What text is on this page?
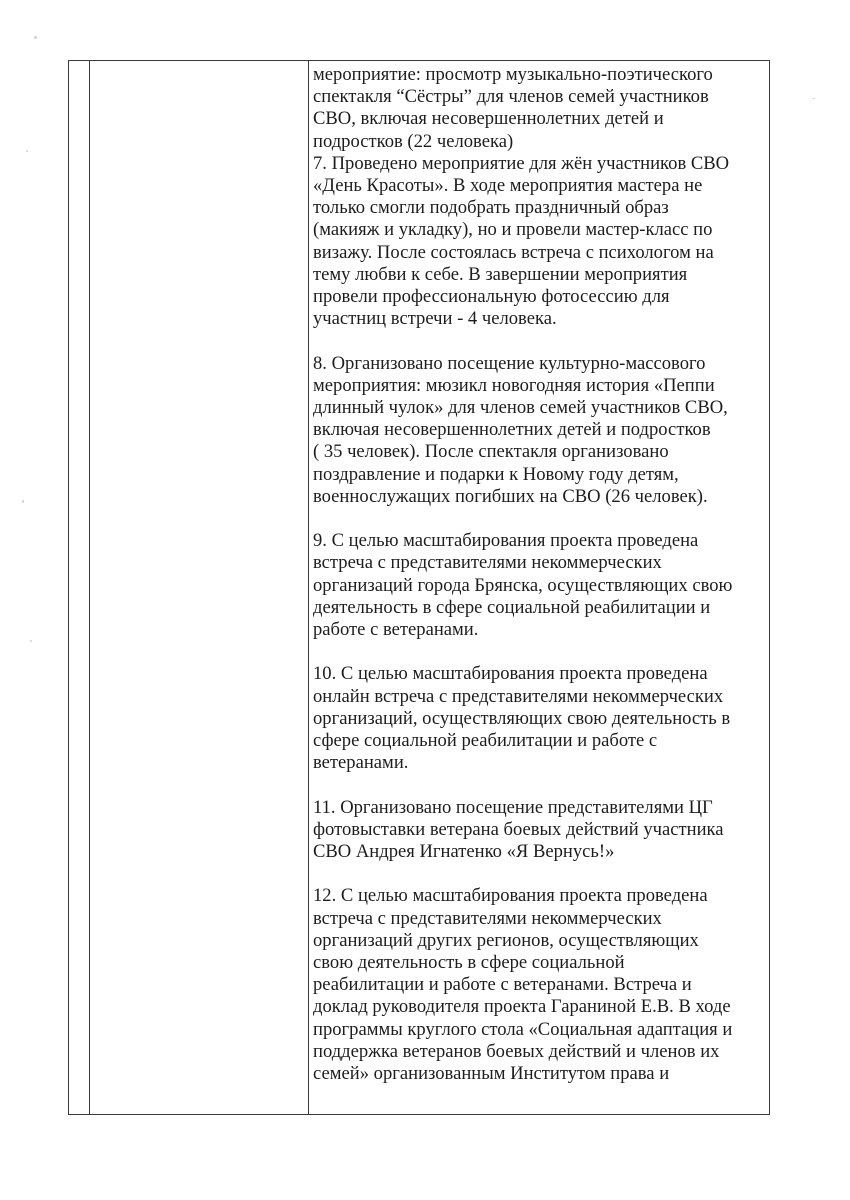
мероприятие: просмотр музыкально-поэтического
спектакля “Сёстры” для членов семей участников
СВО, включая несовершеннолетних детей и
подростков (22 человека)

7. Проведено мероприятие для жён участников СВО
«День Красоты». В ходе мероприятия мастера не
только смогли подобрать праздничный образ
(макияж и укладку), но и провели мастер-класс по
визажу. После состоялась встреча с психологом на
тему любви к себе. В завершении мероприятия
провели профессиональную фотосессию для
участниц встречи - 4 человека.

8. Организовано посещение культурно-массового
мероприятия: мюзикл новогодняя история «Пеппи
длинный чулок» для членов семей участников СВО,
включая несовершеннолетних детей и подростков
( 35 человек). После спектакля организовано
поздравление и подарки к Новому году детям,
военнослужащих погибших на СВО (26 человек).

9. С целью масштабирования проекта проведена
встреча с представителями некоммерческих
организаций города Брянска, осуществляющих свою
деятельность в сфере социальной реабилитации и
работе с ветеранами.

10. С целью масштабирования проекта проведена
онлайн встреча с представителями некоммерческих
организаций, осуществляющих свою деятельность в
сфере социальной реабилитации и работе с
ветеранами.

11. Организовано посещение представителями ЦГ
фотовыставки ветерана боевых действий участника
СВО Андрея Игнатенко «Я Вернусь!»

12. С целью масштабирования проекта проведена
встреча с представителями некоммерческих
организаций других регионов, осуществляющих
свою деятельность в сфере социальной
реабилитации и работе с ветеранами. Встреча и
доклад руководителя проекта Гараниной Е.В. В ходе
программы круглого стола «Социальная адаптация и
поддержка ветеранов боевых действий и членов их
семей» организованным Институтом права и
